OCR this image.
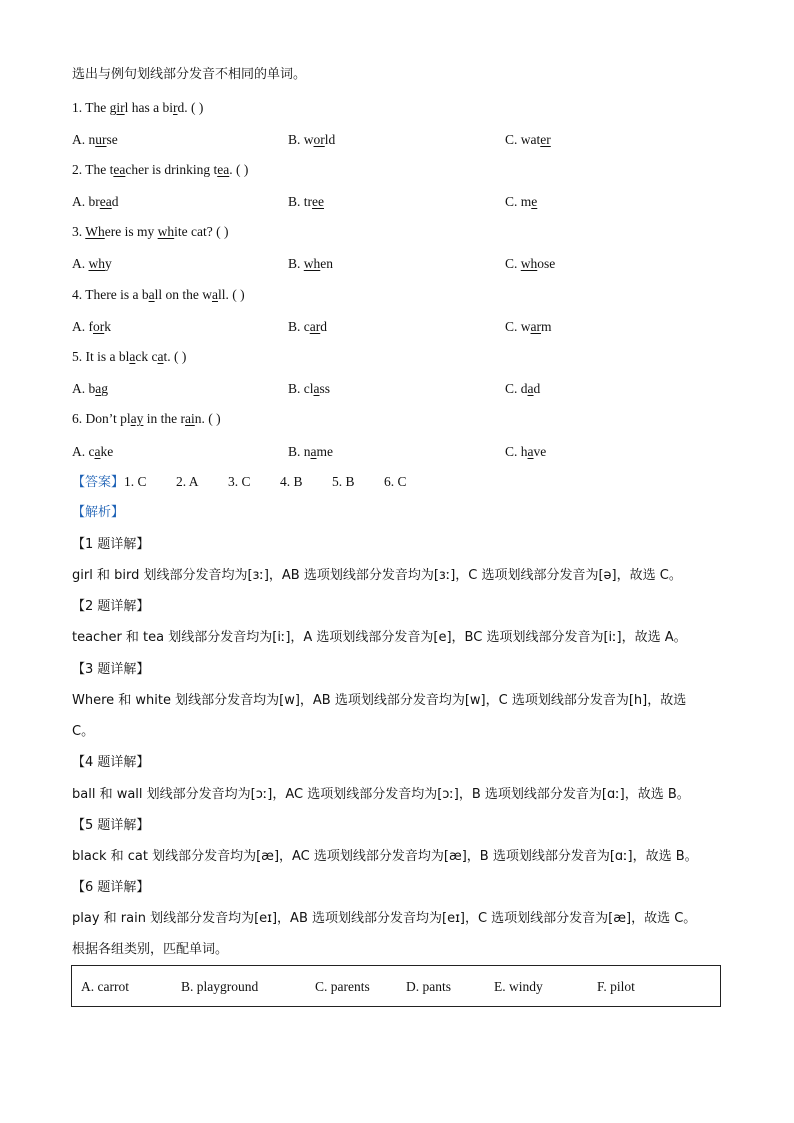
选出与例句划线部分发音不相同的单词。
1. The girl has a bird. ( )
A. nurse	B. world	C. water
2. The teacher is drinking tea. ( )
A. bread	B. tree	C. me
3. Where is my white cat? ( )
A. why	B. when	C. whose
4. There is a ball on the wall. ( )
A. fork	B. card	C. warm
5. It is a black cat. ( )
A. bag	B. class	C. dad
6. Don’t play in the rain. ( )
A. cake	B. name	C. have
【答案】1. C 2. A 3. C 4. B 5. B 6. C
【解析】
【1 题详解】
girl 和 bird 划线部分发音均为[ɜː]，AB 选项划线部分发音均为[ɜː]，C 选项划线部分发音为[ə]，故选 C。
【2 题详解】
teacher 和 tea 划线部分发音均为[iː]，A 选项划线部分发音为[e]，BC 选项划线部分发音为[iː]，故选 A。
【3 题详解】
Where 和 white 划线部分发音均为[w]，AB 选项划线部分发音均为[w]，C 选项划线部分发音为[h]，故选
C。
【4 题详解】
ball 和 wall 划线部分发音均为[ɔː]，AC 选项划线部分发音均为[ɔː]，B 选项划线部分发音为[ɑː]，故选 B。
【5 题详解】
black 和 cat 划线部分发音均为[æ]，AC 选项划线部分发音均为[æ]，B 选项划线部分发音为[ɑː]，故选 B。
【6 题详解】
play 和 rain 划线部分发音均为[eɪ]，AB 选项划线部分发音均为[eɪ]，C 选项划线部分发音为[æ]，故选 C。
根据各组类别，匹配单词。
A. carrot	B. playground	C. parents	D. pants	E. windy	F. pilot
